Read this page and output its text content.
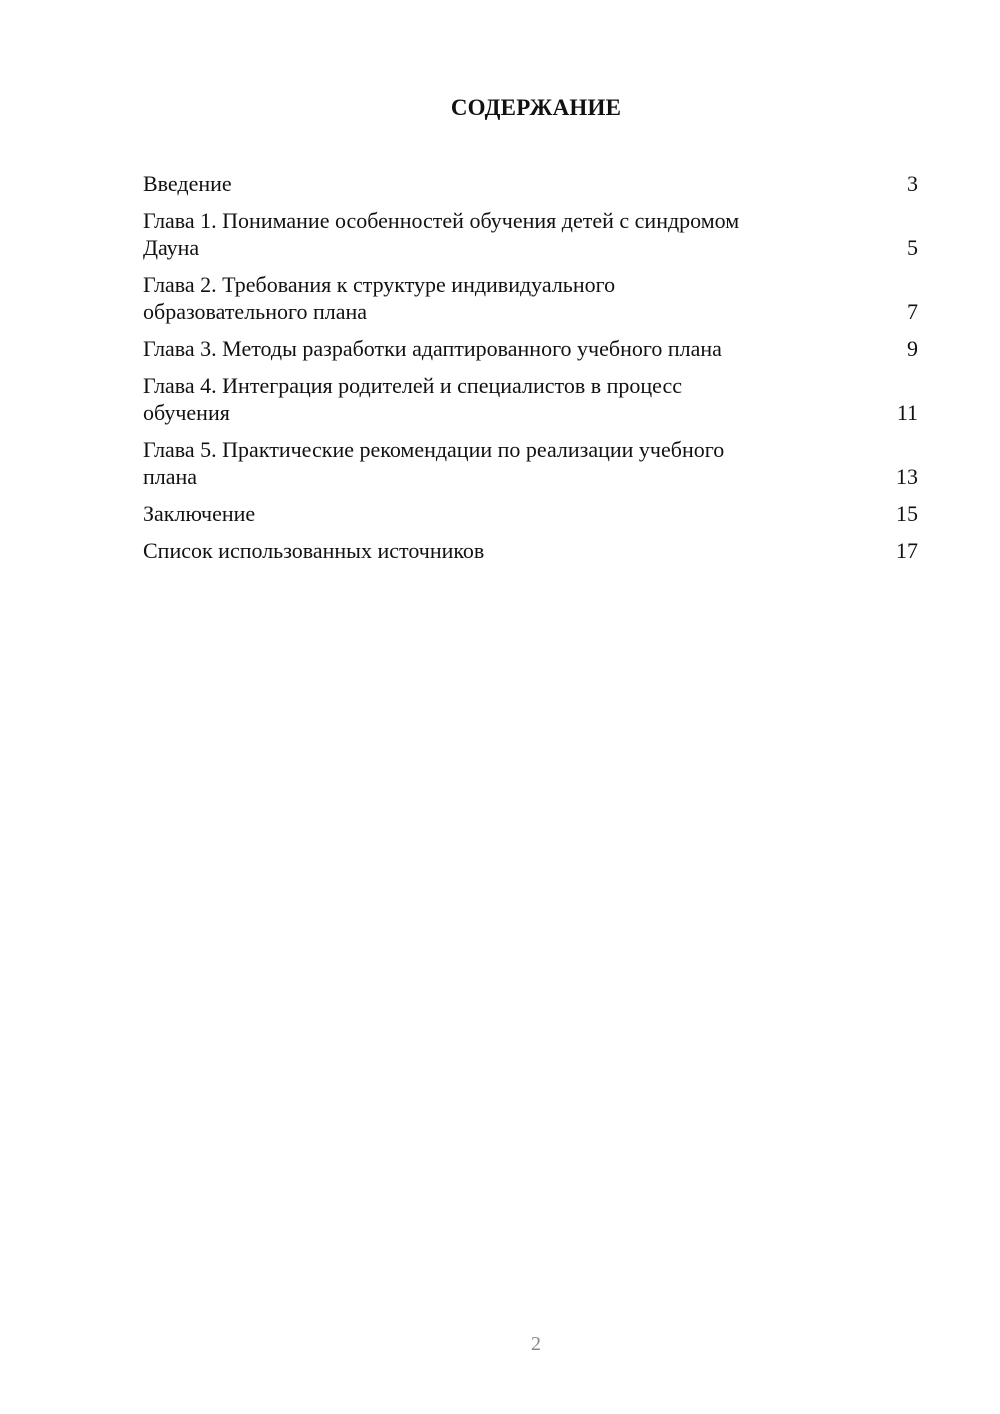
СОДЕРЖАНИЕ
Введение	3
Глава 1. Понимание особенностей обучения детей с синдромом
Дауна	5
Глава 2. Требования к структуре индивидуального
образовательного плана	7
Глава 3. Методы разработки адаптированного учебного плана	9
Глава 4. Интеграция родителей и специалистов в процесс
обучения	11
Глава 5. Практические рекомендации по реализации учебного
плана	13
Заключение	15
Список использованных источников	17
2
